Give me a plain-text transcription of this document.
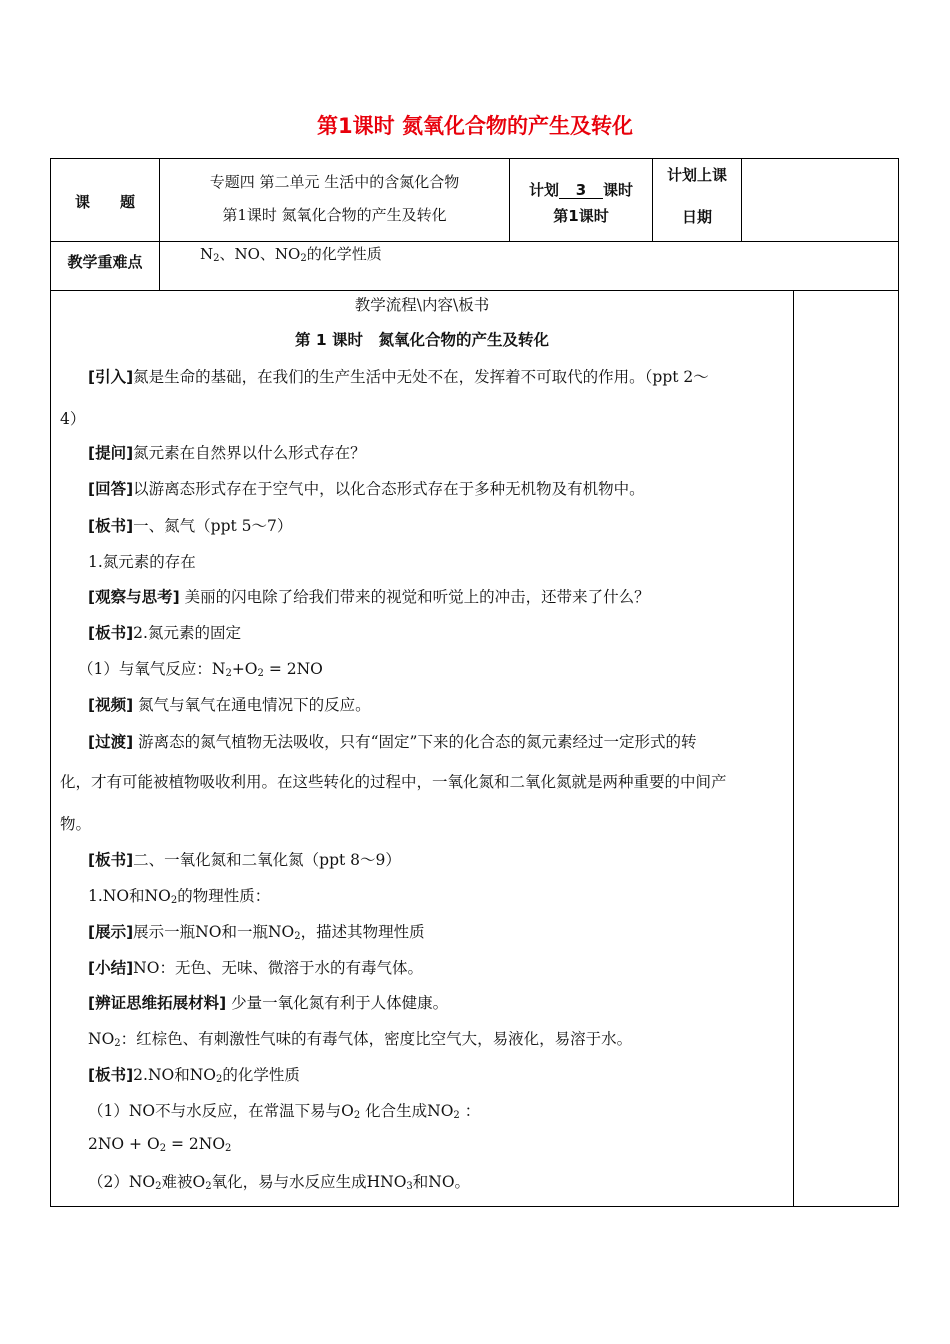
第1课时 氮氧化合物的产生及转化
课　　题
专题四 第二单元 生活中的含氮化合物
第1课时 氮氧化合物的产生及转化
计划 3 课时
第1课时
计划上课
日期
教学重难点	$N_2$、NO、$NO_2$的化学性质
教学流程\内容\板书
第 1 课时　氮氧化合物的产生及转化
[引入]氮是生命的基础，在我们的生产生活中无处不在，发挥着不可取代的作用。（ppt 2～
4）
[提问]氮元素在自然界以什么形式存在？
[回答]以游离态形式存在于空气中，以化合态形式存在于多种无机物及有机物中。
[板书]一、氮气（ppt 5～7）
1.氮元素的存在
[观察与思考] 美丽的闪电除了给我们带来的视觉和听觉上的冲击，还带来了什么？
[板书]2.氮元素的固定
（1）与氧气反应：$N_2+O_2 = 2NO$
[视频] 氮气与氧气在通电情况下的反应。
[过渡] 游离态的氮气植物无法吸收，只有“固定”下来的化合态的氮元素经过一定形式的转
化，才有可能被植物吸收利用。在这些转化的过程中，一氧化氮和二氧化氮就是两种重要的中间产
物。
[板书]二、一氧化氮和二氧化氮（ppt 8～9）
1.NO和$NO_2$的物理性质：
[展示]展示一瓶NO和一瓶$NO_2$，描述其物理性质
[小结]NO：无色、无味、微溶于水的有毒气体。
[辨证思维拓展材料] 少量一氧化氮有利于人体健康。
$NO_2$：红棕色、有刺激性气味的有毒气体，密度比空气大，易液化，易溶于水。
[板书]2.NO和$NO_2$的化学性质
（1）NO不与水反应，在常温下易与$O_2$ 化合生成$NO_2$ ：
$2NO + O_2 = 2NO_2$
$(2)NO_2$难被$O_2$氧化，易与水反应生成$HNO_3$和NO。
